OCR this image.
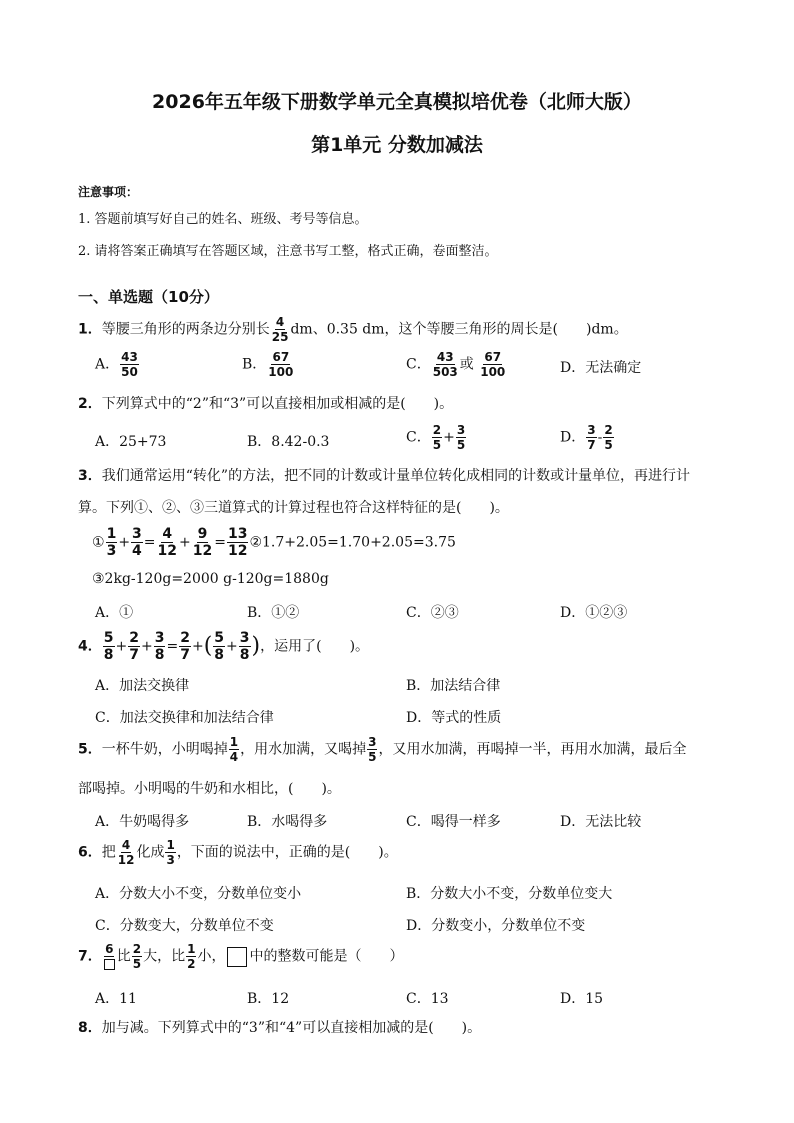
2026年五年级下册数学单元全真模拟培优卷（北师大版）
第1单元 分数加减法
注意事项：
1. 答题前填写好自己的姓名、班级、考号等信息。
2. 请将答案正确填写在答题区域，注意书写工整，格式正确，卷面整洁。
一、单选题（10分）
1．等腰三角形的两条边分别长 $\frac{4}{25}$ dm、0.35 dm，这个等腰三角形的周长是(　　)dm。
A． $\frac{43}{50}$	B． $\frac{67}{100}$	C． $\frac{43}{503}$ 或 $\frac{67}{100}$	D．无法确定
2．下列算式中的“2”和“3”可以直接相加或相减的是(　　)。
A．25+73	B．8.42-0.3	C． $\frac{2}{5} + \frac{3}{5}$	D． $\frac{3}{7} - \frac{2}{5}$
3．我们通常运用“转化”的方法，把不同的计数或计量单位转化成相同的计数或计量单位，再进行计
算。下列①、②、③三道算式的计算过程也符合这样特征的是(　　)。
① $\frac{1}{3} + \frac{3}{4} = \frac{4}{12} + \frac{9}{12} = \frac{13}{12}$ ②1.7+2.05=1.70+2.05=3.75
③2kg-120g=2000 g-120g=1880g
A．①	B．①②	C．②③	D．①②③
4． $\frac{5}{8} + \frac{2}{7} + \frac{3}{8} = \frac{2}{7}$ +( $\frac{5}{8} + \frac{3}{8}$ )，运用了(　　)。
A．加法交换律	B．加法结合律
C．加法交换律和加法结合律	D．等式的性质
5．一杯牛奶，小明喝掉 $\frac{1}{4}$ ，用水加满，又喝掉 $\frac{3}{5}$ ，又用水加满，再喝掉一半，再用水加满，最后全
部喝掉。小明喝的牛奶和水相比，(　　)。
A．牛奶喝得多	B．水喝得多	C．喝得一样多	D．无法比较
6．把 $\frac{4}{12}$ 化成 $\frac{1}{3}$ ，下面的说法中，正确的是(　　)。
A．分数大小不变，分数单位变小	B．分数大小不变，分数单位变大
C．分数变大，分数单位不变	D．分数变小，分数单位不变
7． 6 比 $\frac{2}{5}$ 大，比 $\frac{1}{2}$ 小， 中的整数可能是（　　）
A．11	B．12	C．13	D．15
8．加与减。下列算式中的“3”和“4”可以直接相加减的是(　　)。
